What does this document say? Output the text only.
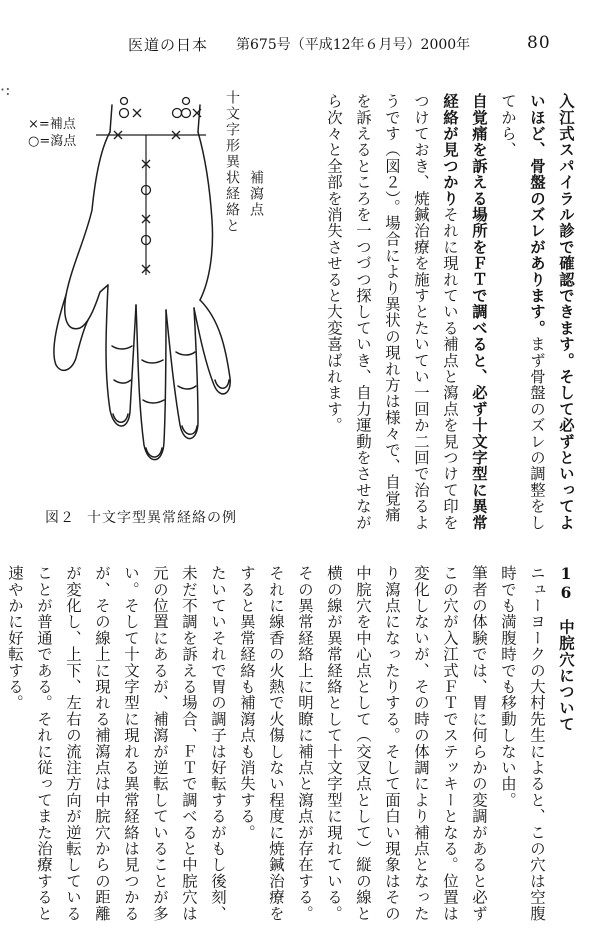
医道の日本 第675号（平成12年６月号）2000年	80
·:
×=補点
○=瀉点	十文字形異状経絡と 補瀉点
図２ 十文字型異常経絡の例	入江式スパイラル診で確認できます。そして必ずといってよいほど、骨盤のズレがあります。まず骨盤のズレの調整をしてから、

自覚痛を訴える場所をＦＴで調べると、必ず十文字型に異常経絡が見つかりそれに現れている補点と瀉点を見つけて印をつけておき、焼鍼治療を施すとたいてい一回か二回で治るようです（図２）。場合により異状の現れ方は様々で、自覚痛を訴えるところを一つづつ探していき、自力運動をさせながら次々と全部を消失させると大変喜ばれます。

16　中脘穴について

ニューヨークの大村先生によると、この穴は空腹時でも満腹時でも移動しない由。

筆者の体験では、胃に何らかの変調があると必ずこの穴が入江式ＦＴでステッキーとなる。位置は変化しないが、その時の体調により補点となったり瀉点になったりする。そして面白い現象はその中脘穴を中心点として（交叉点として）縦の線と横の線が異常経絡として十文字型に現れている。その異常経絡上に明瞭に補点と瀉点が存在する。それに線香の火熱で火傷しない程度に焼鍼治療をすると異常経絡も補瀉点も消失する。

たいていそれで胃の調子は好転するがもし後刻、未だ不調を訴える場合、ＦＴで調べると中脘穴は元の位置にあるが、補瀉が逆転していることが多い。そして十文字型に現れる異常経絡は見つかるが、その線上に現れる補瀉点は中脘穴からの距離が変化し、上下、左右の流注方向が逆転していることが普通である。それに従ってまた治療すると速やかに好転する。
